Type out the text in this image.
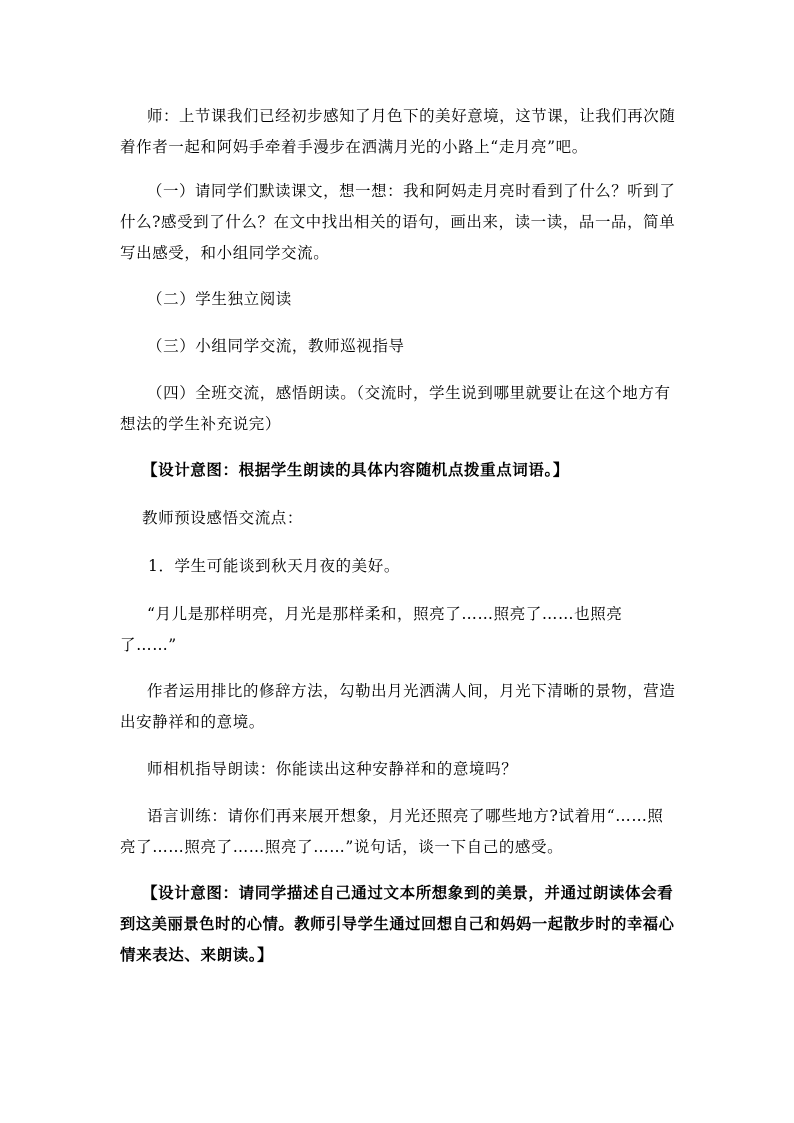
师：上节课我们已经初步感知了月色下的美好意境，这节课，让我们再次随
着作者一起和阿妈手牵着手漫步在洒满月光的小路上“走月亮”吧。
（一）请同学们默读课文，想一想：我和阿妈走月亮时看到了什么？听到了
什么?感受到了什么？在文中找出相关的语句，画出来，读一读，品一品，简单
写出感受，和小组同学交流。
（二）学生独立阅读
（三）小组同学交流，教师巡视指导
（四）全班交流，感悟朗读。（交流时，学生说到哪里就要让在这个地方有
想法的学生补充说完）
【设计意图：根据学生朗读的具体内容随机点拨重点词语。】
教师预设感悟交流点：
1．学生可能谈到秋天月夜的美好。
“月儿是那样明亮，月光是那样柔和，照亮了……照亮了……也照亮
了……”
作者运用排比的修辞方法，勾勒出月光洒满人间，月光下清晰的景物，营造
出安静祥和的意境。
师相机指导朗读：你能读出这种安静祥和的意境吗？
语言训练：请你们再来展开想象，月光还照亮了哪些地方?试着用“……照
亮了……照亮了……照亮了……”说句话，谈一下自己的感受。
【设计意图：请同学描述自己通过文本所想象到的美景，并通过朗读体会看
到这美丽景色时的心情。教师引导学生通过回想自己和妈妈一起散步时的幸福心
情来表达、来朗读。】
